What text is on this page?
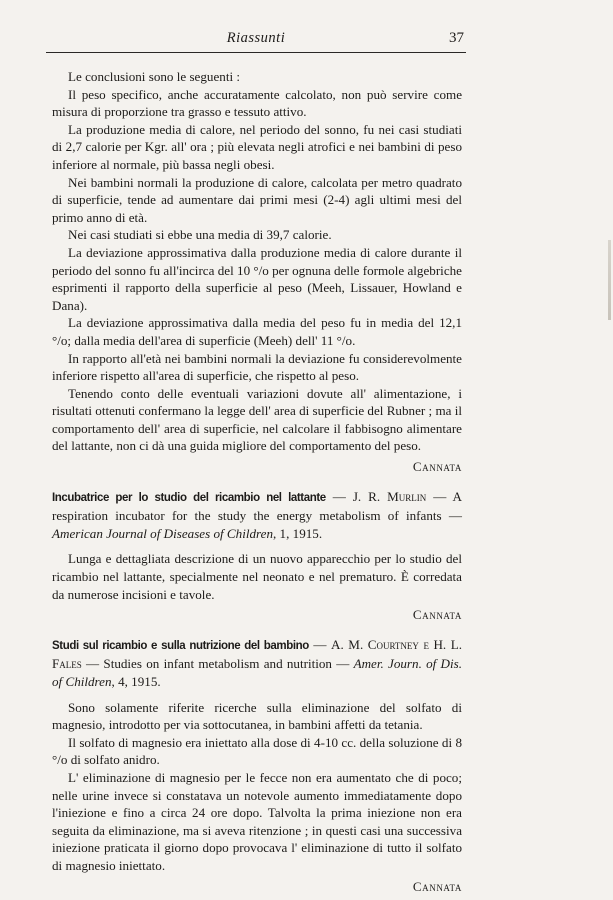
Riassunti	37

Le conclusioni sono le seguenti :

Il peso specifico, anche accuratamente calcolato, non può servire come misura di proporzione tra grasso e tessuto attivo.

La produzione media di calore, nel periodo del sonno, fu nei casi studiati di 2,7 calorie per Kgr. all' ora ; più elevata negli atrofici e nei bambini di peso inferiore al normale, più bassa negli obesi.

Nei bambini normali la produzione di calore, calcolata per metro quadrato di superficie, tende ad aumentare dai primi mesi (2-4) agli ultimi mesi del primo anno di età.

Nei casi studiati si ebbe una media di 39,7 calorie.

La deviazione approssimativa dalla produzione media di calore durante il periodo del sonno fu all'incirca del 10 °/o per ognuna delle formole algebriche esprimenti il rapporto della superficie al peso (Meeh, Lissauer, Howland e Dana).

La deviazione approssimativa dalla media del peso fu in media del 12,1 °/o; dalla media dell'area di superficie (Meeh) dell' 11 °/o.

In rapporto all'età nei bambini normali la deviazione fu considerevolmente inferiore rispetto all'area di superficie, che rispetto al peso.

Tenendo conto delle eventuali variazioni dovute all' alimentazione, i risultati ottenuti confermano la legge dell' area di superficie del Rubner ; ma il comportamento dell' area di superficie, nel calcolare il fabbisogno alimentare del lattante, non ci dà una guida migliore del comportamento del peso.

Cannata

Incubatrice per lo studio del ricambio nel lattante — J. R. Murlin — A respiration incubator for the study the energy metabolism of infants — American Journal of Diseases of Children, 1, 1915.

Lunga e dettagliata descrizione di un nuovo apparecchio per lo studio del ricambio nel lattante, specialmente nel neonato e nel prematuro. È corredata da numerose incisioni e tavole.

Cannata

Studi sul ricambio e sulla nutrizione del bambino — A. M. Courtney e H. L. Fales — Studies on infant metabolism and nutrition — Amer. Journ. of Dis. of Children, 4, 1915.

Sono solamente riferite ricerche sulla eliminazione del solfato di magnesio, introdotto per via sottocutanea, in bambini affetti da tetania.

Il solfato di magnesio era iniettato alla dose di 4-10 cc. della soluzione di 8 °/o di solfato anidro.

L' eliminazione di magnesio per le fecce non era aumentato che di poco; nelle urine invece si constatava un notevole aumento immediatamente dopo l'iniezione e fino a circa 24 ore dopo. Talvolta la prima iniezione non era seguita da eliminazione, ma si aveva ritenzione ; in questi casi una successiva iniezione praticata il giorno dopo provocava l' eliminazione di tutto il solfato di magnesio iniettato.

Cannata
